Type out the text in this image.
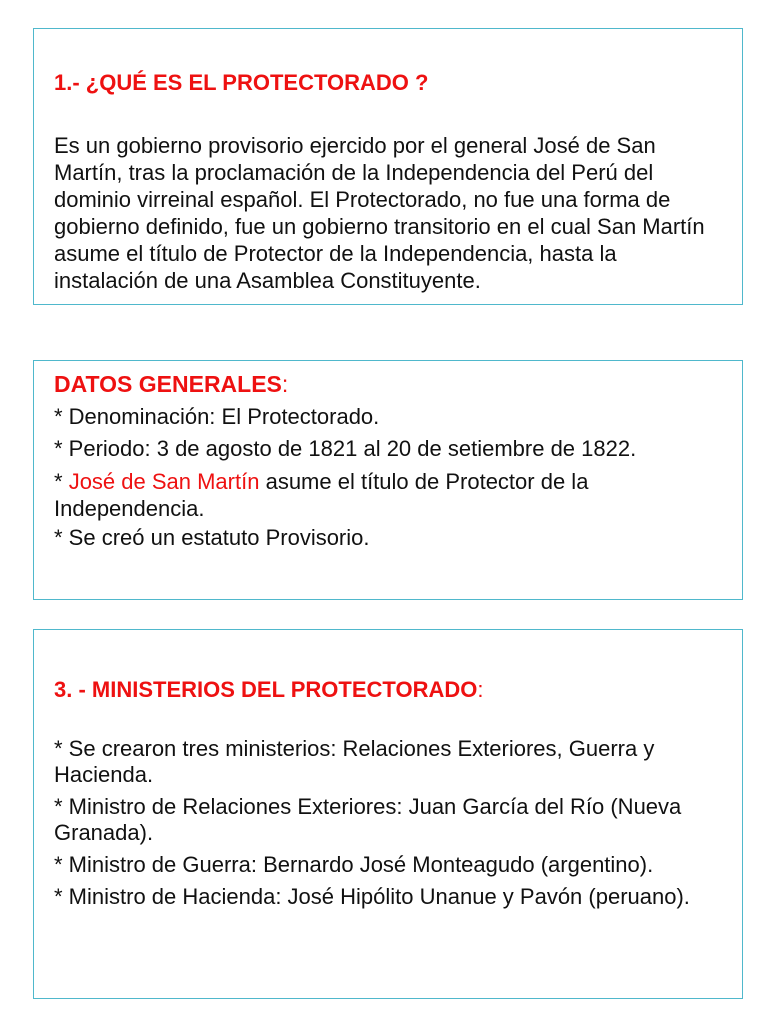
1.- ¿QUÉ ES EL PROTECTORADO ?

Es un gobierno provisorio ejercido por el general José de San Martín, tras la proclamación de la Independencia del Perú del dominio virreinal español. El Protectorado, no fue una forma de gobierno definido, fue un gobierno transitorio en el cual San Martín asume el título de Protector de la Independencia, hasta la instalación de una Asamblea Constituyente.

DATOS GENERALES:

* Denominación: El Protectorado.

* Periodo: 3 de agosto de 1821 al 20 de setiembre de 1822.

* José de San Martín asume el título de Protector de la Independencia.

* Se creó un estatuto Provisorio.

3. - MINISTERIOS DEL PROTECTORADO:

* Se crearon tres ministerios: Relaciones Exteriores, Guerra y Hacienda.

* Ministro de Relaciones Exteriores: Juan García del Río (Nueva Granada).

* Ministro de Guerra: Bernardo José Monteagudo (argentino).

* Ministro de Hacienda: José Hipólito Unanue y Pavón (peruano).
